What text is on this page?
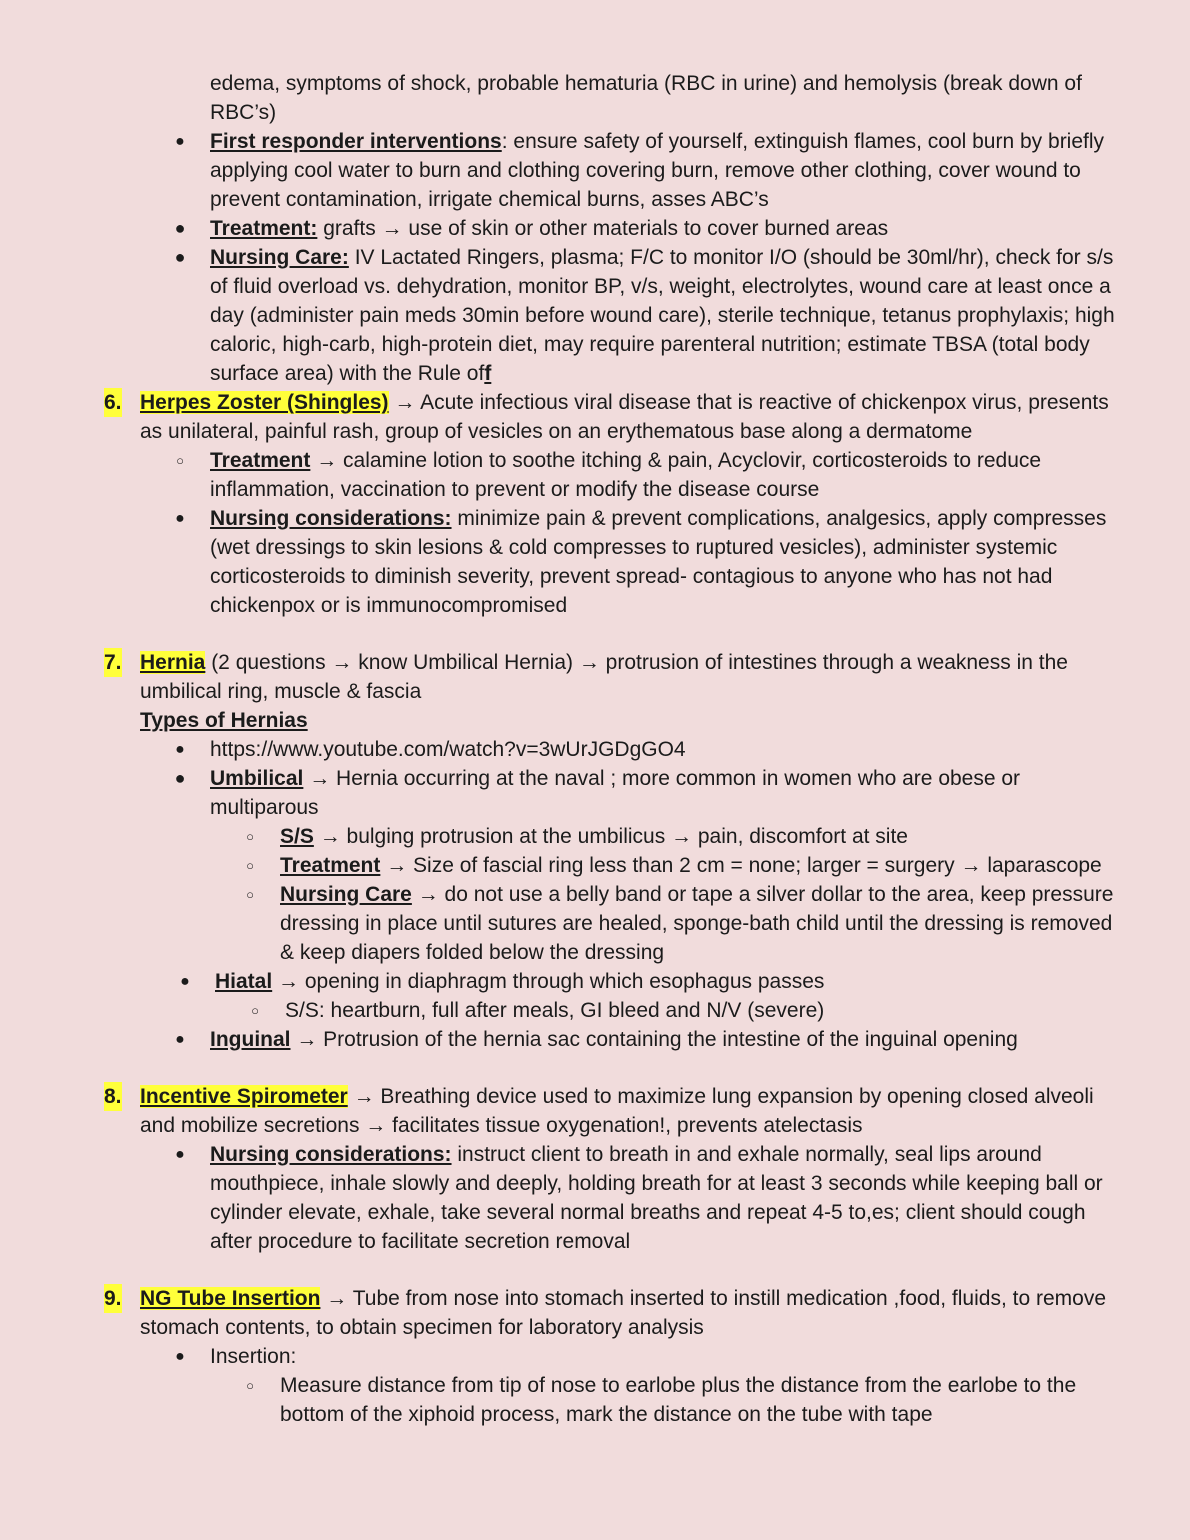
edema, symptoms of shock, probable hematuria (RBC in urine) and hemolysis (break down of RBC’s)
● First responder interventions: ensure safety of yourself, extinguish flames, cool burn by briefly applying cool water to burn and clothing covering burn, remove other clothing, cover wound to prevent contamination, irrigate chemical burns, asses ABC’s
● Treatment: grafts → use of skin or other materials to cover burned areas
● Nursing Care: IV Lactated Ringers, plasma; F/C to monitor I/O (should be 30ml/hr), check for s/s of fluid overload vs. dehydration, monitor BP, v/s, weight, electrolytes, wound care at least once a day (administer pain meds 30min before wound care), sterile technique, tetanus prophylaxis; high caloric, high-carb, high-protein diet, may require parenteral nutrition; estimate TBSA (total body surface area) with the Rule off
6. Herpes Zoster (Shingles) → Acute infectious viral disease that is reactive of chickenpox virus, presents as unilateral, painful rash, group of vesicles on an erythematous base along a dermatome
○ Treatment → calamine lotion to soothe itching & pain, Acyclovir, corticosteroids to reduce inflammation, vaccination to prevent or modify the disease course
● Nursing considerations: minimize pain & prevent complications, analgesics, apply compresses (wet dressings to skin lesions & cold compresses to ruptured vesicles), administer systemic corticosteroids to diminish severity, prevent spread- contagious to anyone who has not had chickenpox or is immunocompromised
7. Hernia (2 questions → know Umbilical Hernia) → protrusion of intestines through a weakness in the umbilical ring, muscle & fascia
Types of Hernias
● https://www.youtube.com/watch?v=3wUrJGDgGO4
● Umbilical → Hernia occurring at the naval ; more common in women who are obese or multiparous
○ S/S → bulging protrusion at the umbilicus → pain, discomfort at site
○ Treatment → Size of fascial ring less than 2 cm = none; larger = surgery → laparascope
○ Nursing Care → do not use a belly band or tape a silver dollar to the area, keep pressure dressing in place until sutures are healed, sponge-bath child until the dressing is removed & keep diapers folded below the dressing
● Hiatal → opening in diaphragm through which esophagus passes
○ S/S: heartburn, full after meals, GI bleed and N/V (severe)
● Inguinal → Protrusion of the hernia sac containing the intestine of the inguinal opening
8. Incentive Spirometer → Breathing device used to maximize lung expansion by opening closed alveoli and mobilize secretions → facilitates tissue oxygenation!, prevents atelectasis
● Nursing considerations: instruct client to breath in and exhale normally, seal lips around mouthpiece, inhale slowly and deeply, holding breath for at least 3 seconds while keeping ball or cylinder elevate, exhale, take several normal breaths and repeat 4-5 to,es; client should cough after procedure to facilitate secretion removal
9. NG Tube Insertion → Tube from nose into stomach inserted to instill medication ,food, fluids, to remove stomach contents, to obtain specimen for laboratory analysis
● Insertion:
○ Measure distance from tip of nose to earlobe plus the distance from the earlobe to the bottom of the xiphoid process, mark the distance on the tube with tape
